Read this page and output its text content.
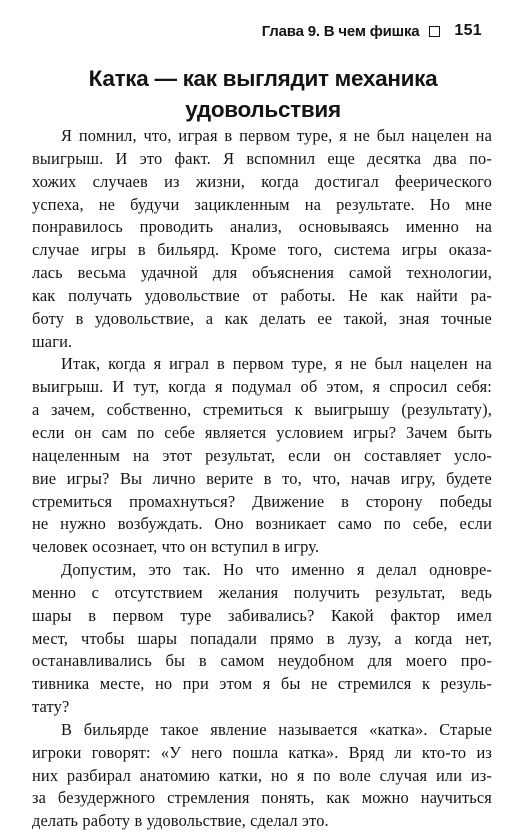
Глава 9. В чем фишка 151
Катка — как выглядит механика
удовольствия

Я помнил, что, играя в первом туре, я не был нацелен на
выигрыш. И это факт. Я вспомнил еще десятка два по-
хожих случаев из жизни, когда достигал феерического
успеха, не будучи зацикленным на результате. Но мне
понравилось проводить анализ, основываясь именно на
случае игры в бильярд. Кроме того, система игры оказа-
лась весьма удачной для объяснения самой технологии,
как получать удовольствие от работы. Не как найти ра-
боту в удовольствие, а как делать ее такой, зная точные
шаги.

Итак, когда я играл в первом туре, я не был нацелен на
выигрыш. И тут, когда я подумал об этом, я спросил себя:
а зачем, собственно, стремиться к выигрышу (результату),
если он сам по себе является условием игры? Зачем быть
нацеленным на этот результат, если он составляет усло-
вие игры? Вы лично верите в то, что, начав игру, будете
стремиться промахнуться? Движение в сторону победы
не нужно возбуждать. Оно возникает само по себе, если
человек осознает, что он вступил в игру.

Допустим, это так. Но что именно я делал одновре-
менно с отсутствием желания получить результат, ведь
шары в первом туре забивались? Какой фактор имел
мест, чтобы шары попадали прямо в лузу, а когда нет,
останавливались бы в самом неудобном для моего про-
тивника месте, но при этом я бы не стремился к резуль-
тату?

В бильярде такое явление называется «катка». Старые
игроки говорят: «У него пошла катка». Вряд ли кто-то из
них разбирал анатомию катки, но я по воле случая или из-
за безудержного стремления понять, как можно научиться
делать работу в удовольствие, сделал это.
